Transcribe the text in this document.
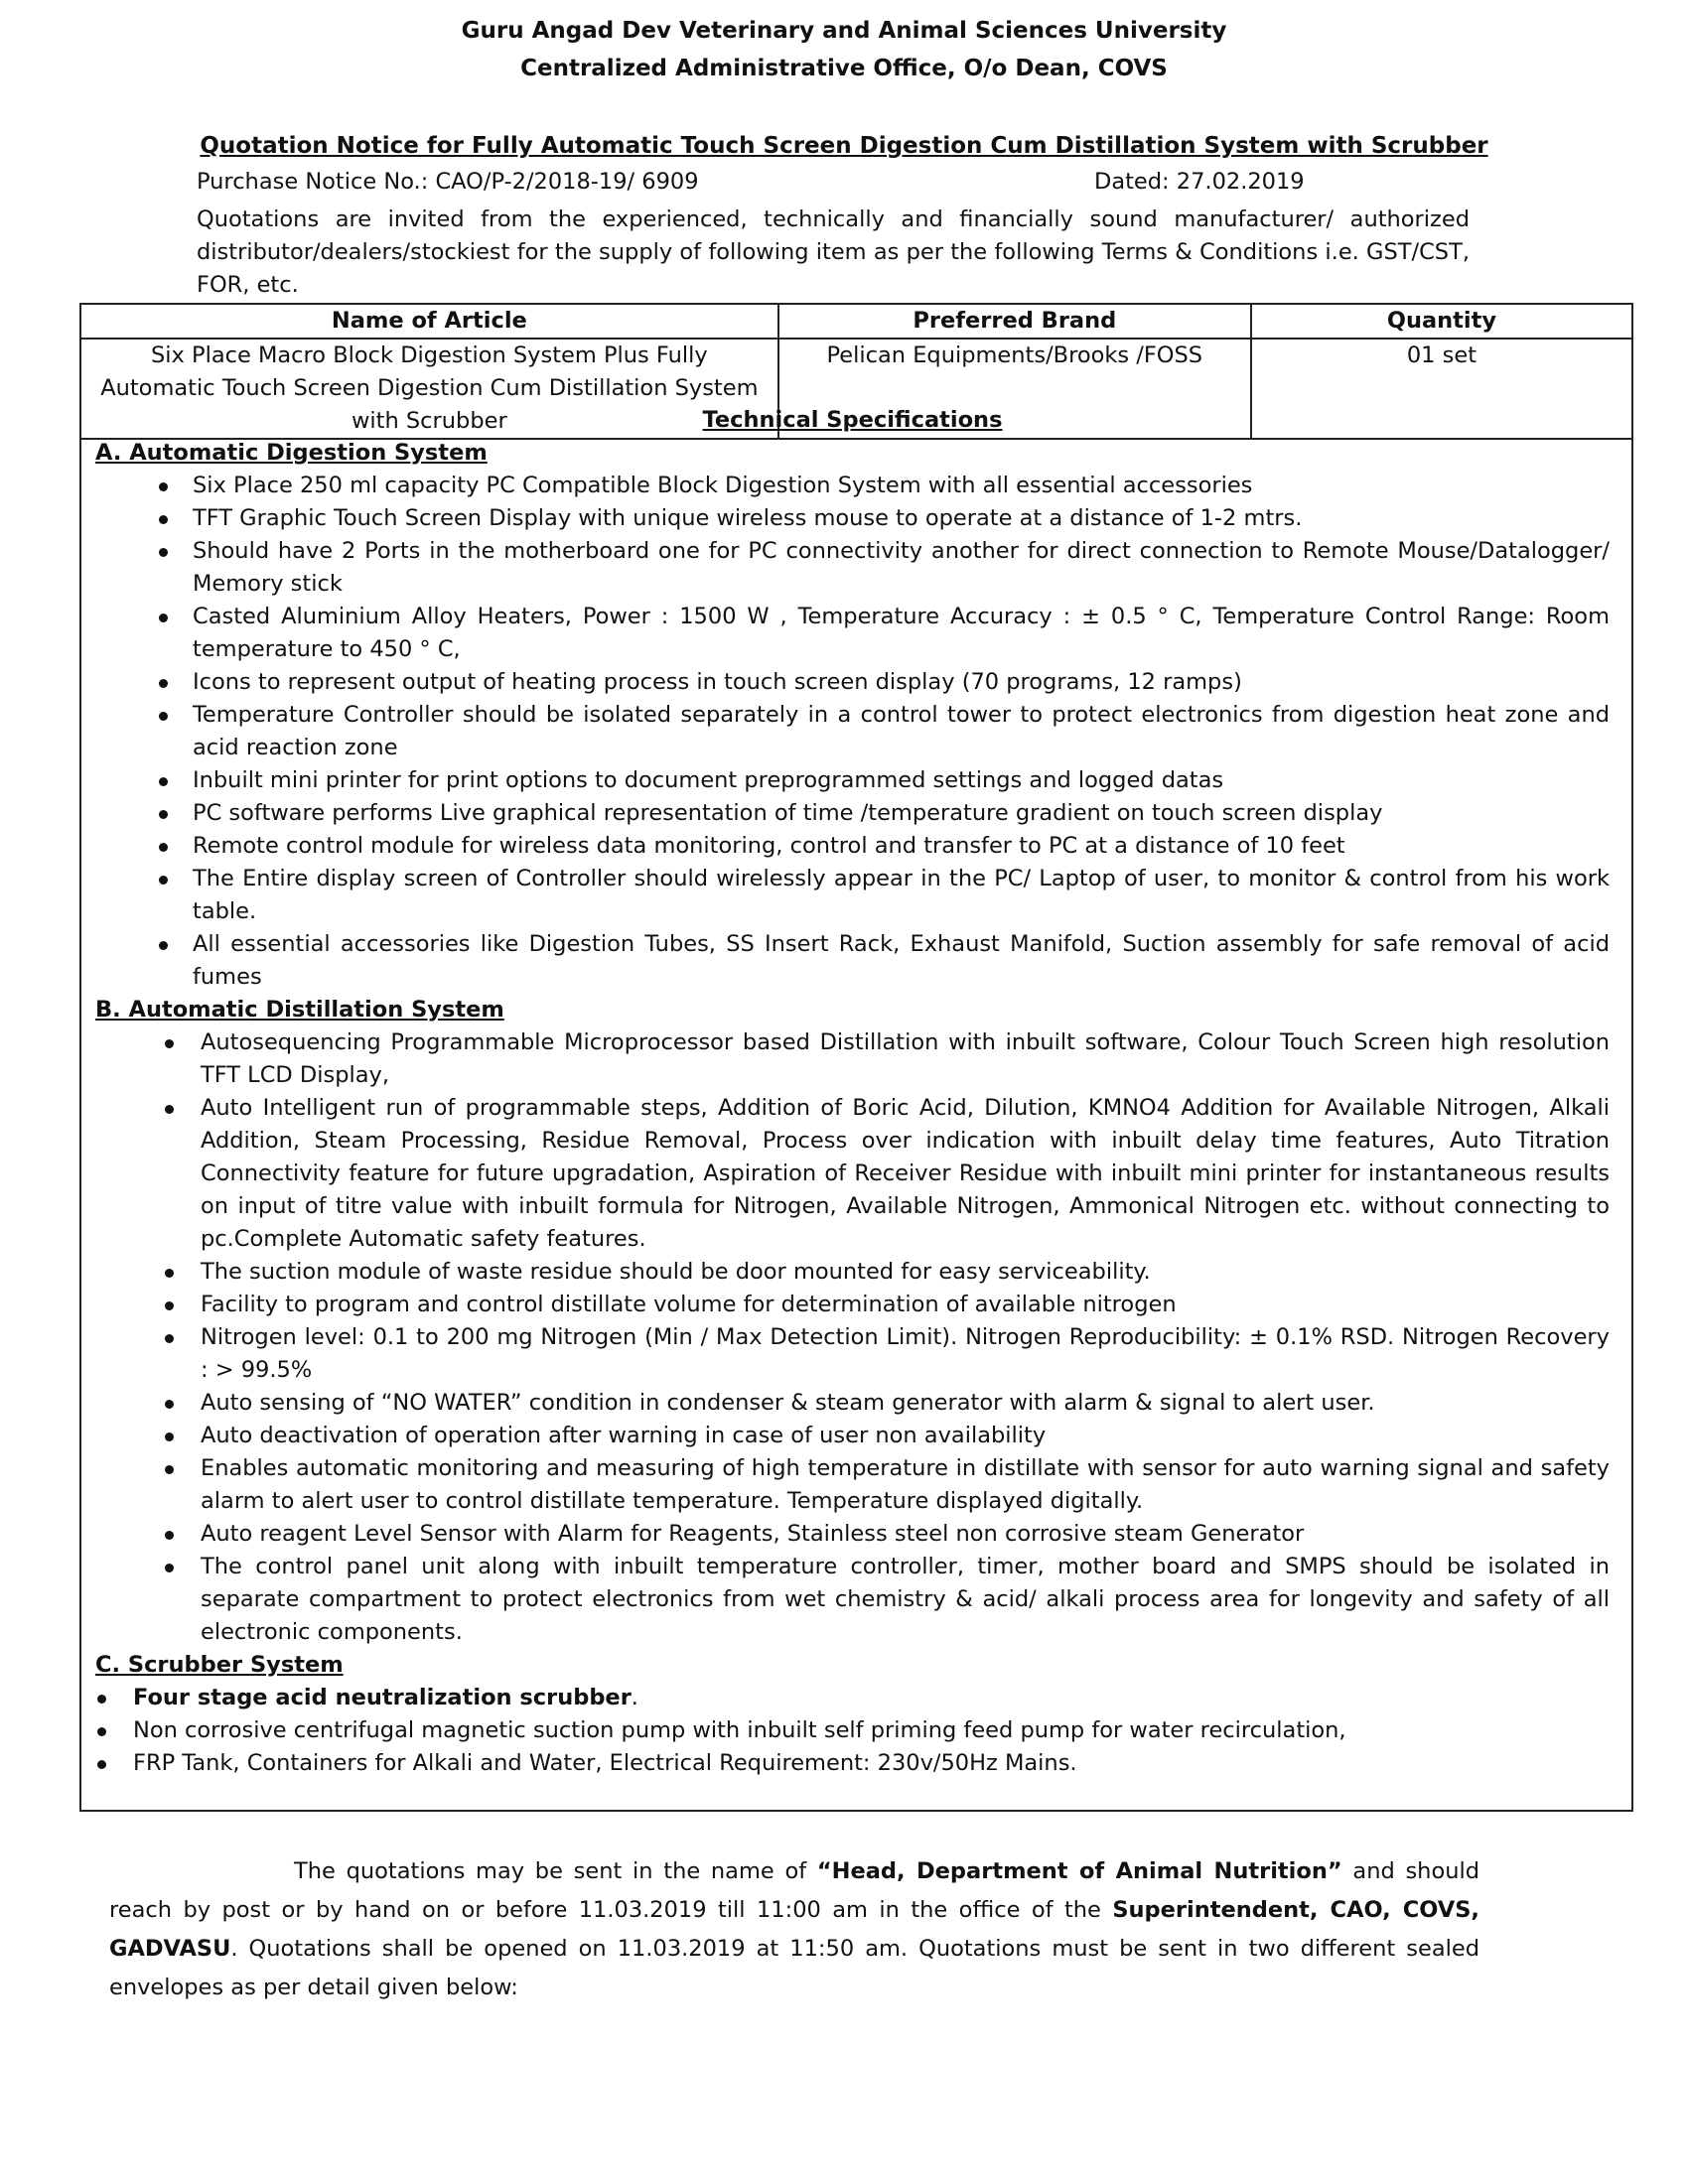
Guru Angad Dev Veterinary and Animal Sciences University
Centralized Administrative Office, O/o Dean, COVS
Quotation Notice for Fully Automatic Touch Screen Digestion Cum Distillation System with Scrubber
Purchase Notice No.: CAO/P-2/2018-19/ 6909	Dated: 27.02.2019
Quotations are invited from the experienced, technically and financially sound manufacturer/ authorized distributor/dealers/stockiest for the supply of following item as per the following Terms & Conditions i.e. GST/CST, FOR, etc.
Name of Article	Preferred Brand	Quantity
Six Place Macro Block Digestion System Plus Fully Automatic Touch Screen Digestion Cum Distillation System with Scrubber	Pelican Equipments/Brooks /FOSS	01 set
Technical Specifications
A. Automatic Digestion System
Six Place 250 ml capacity PC Compatible Block Digestion System with all essential accessories
TFT Graphic Touch Screen Display with unique wireless mouse to operate at a distance of 1-2 mtrs.
Should have 2 Ports in the motherboard one for PC connectivity another for direct connection to Remote Mouse/Datalogger/ Memory stick
Casted Aluminium Alloy Heaters, Power : 1500 W , Temperature Accuracy : ± 0.5 ° C, Temperature Control Range: Room temperature to 450 ° C,
Icons to represent output of heating process in touch screen display (70 programs, 12 ramps)
Temperature Controller should be isolated separately in a control tower to protect electronics from digestion heat zone and acid reaction zone
Inbuilt mini printer for print options to document preprogrammed settings and logged datas
PC software performs Live graphical representation of time /temperature gradient on touch screen display
Remote control module for wireless data monitoring, control and transfer to PC at a distance of 10 feet
The Entire display screen of Controller should wirelessly appear in the PC/ Laptop of user, to monitor & control from his work table.
All essential accessories like Digestion Tubes, SS Insert Rack, Exhaust Manifold, Suction assembly for safe removal of acid fumes
B. Automatic Distillation System
Autosequencing Programmable Microprocessor based Distillation with inbuilt software, Colour Touch Screen high resolution TFT LCD Display,
Auto Intelligent run of programmable steps, Addition of Boric Acid, Dilution, KMNO4 Addition for Available Nitrogen, Alkali Addition, Steam Processing, Residue Removal, Process over indication with inbuilt delay time features, Auto Titration Connectivity feature for future upgradation, Aspiration of Receiver Residue with inbuilt mini printer for instantaneous results on input of titre value with inbuilt formula for Nitrogen, Available Nitrogen, Ammonical Nitrogen etc. without connecting to pc.Complete Automatic safety features.
The suction module of waste residue should be door mounted for easy serviceability.
Facility to program and control distillate volume for determination of available nitrogen
Nitrogen level: 0.1 to 200 mg Nitrogen (Min / Max Detection Limit). Nitrogen Reproducibility: ± 0.1% RSD. Nitrogen Recovery : > 99.5%
Auto sensing of “NO WATER” condition in condenser & steam generator with alarm & signal to alert user.
Auto deactivation of operation after warning in case of user non availability
Enables automatic monitoring and measuring of high temperature in distillate with sensor for auto warning signal and safety alarm to alert user to control distillate temperature. Temperature displayed digitally.
Auto reagent Level Sensor with Alarm for Reagents, Stainless steel non corrosive steam Generator
The control panel unit along with inbuilt temperature controller, timer, mother board and SMPS should be isolated in separate compartment to protect electronics from wet chemistry & acid/ alkali process area for longevity and safety of all electronic components.
C. Scrubber System
Four stage acid neutralization scrubber.
Non corrosive centrifugal magnetic suction pump with inbuilt self priming feed pump for water recirculation,
FRP Tank, Containers for Alkali and Water, Electrical Requirement: 230v/50Hz Mains.
The quotations may be sent in the name of “Head, Department of Animal Nutrition” and should reach by post or by hand on or before 11.03.2019 till 11:00 am in the office of the Superintendent, CAO, COVS, GADVASU. Quotations shall be opened on 11.03.2019 at 11:50 am. Quotations must be sent in two different sealed envelopes as per detail given below:
